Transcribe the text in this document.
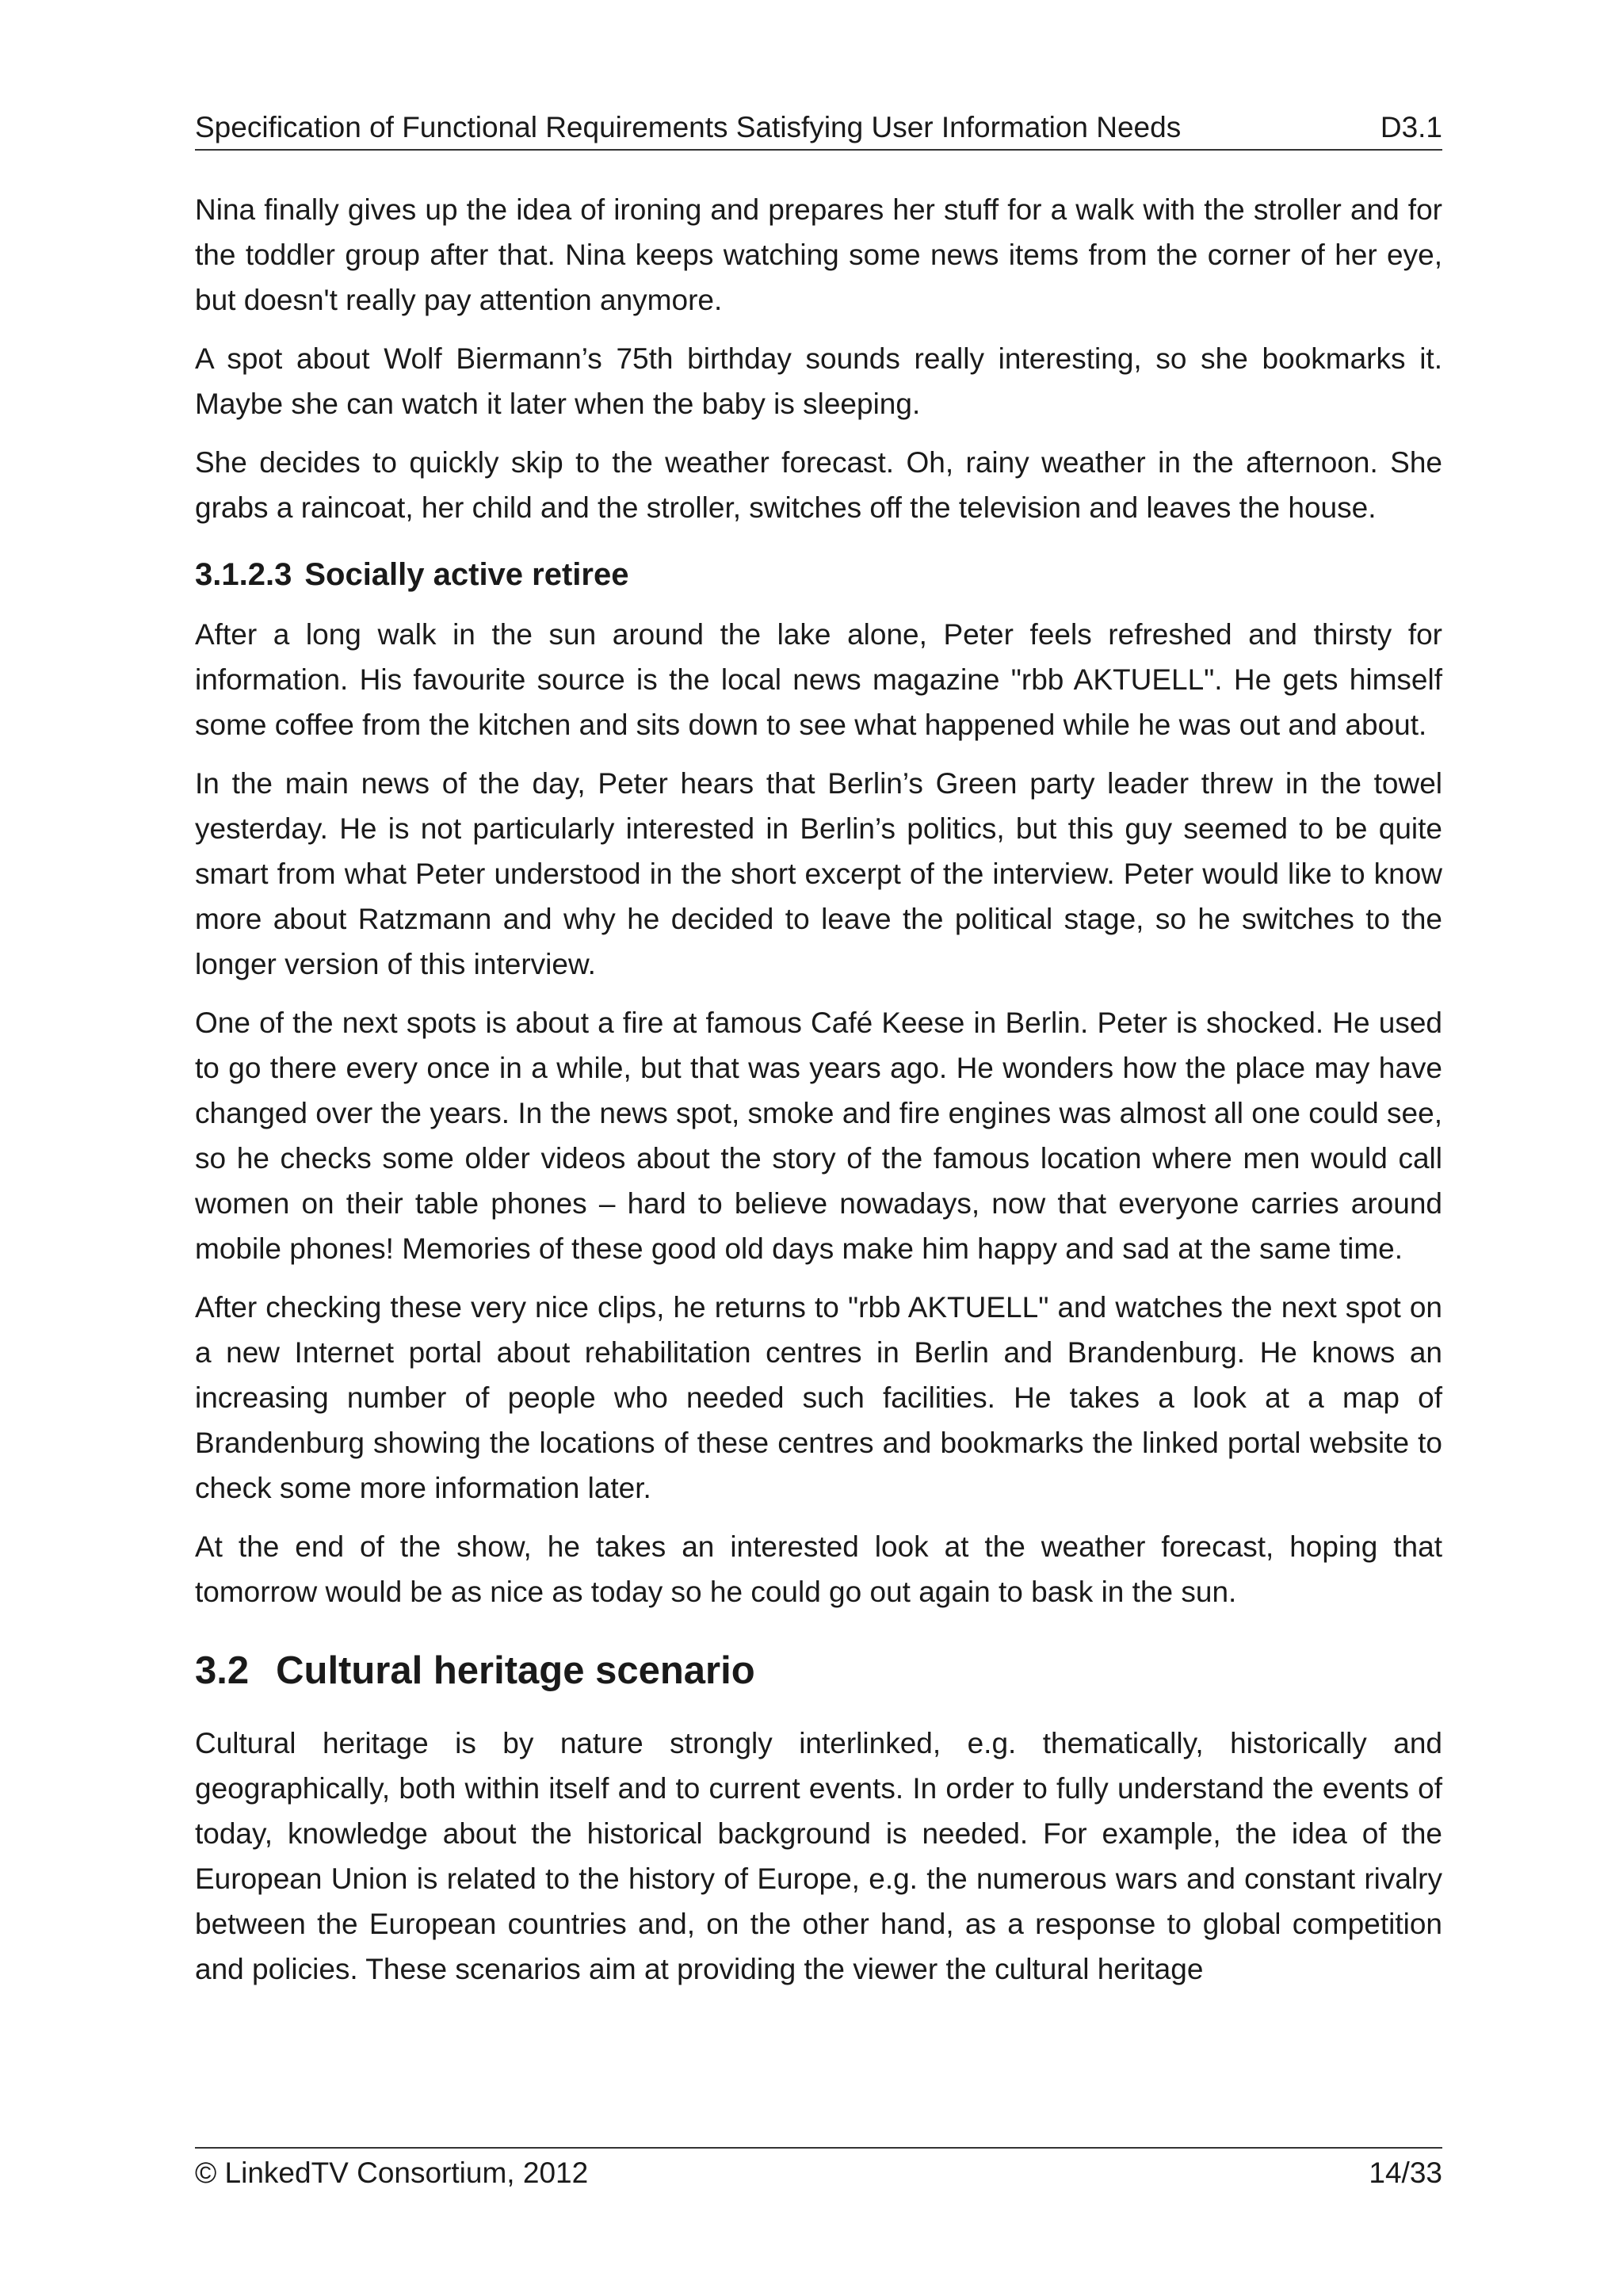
Specification of Functional Requirements Satisfying User Information Needs	D3.1

Nina finally gives up the idea of ironing and prepares her stuff for a walk with the stroller and for the toddler group after that. Nina keeps watching some news items from the corner of her eye, but doesn't really pay attention anymore.

A spot about Wolf Biermann’s 75th birthday sounds really interesting, so she bookmarks it. Maybe she can watch it later when the baby is sleeping.

She decides to quickly skip to the weather forecast. Oh, rainy weather in the afternoon. She grabs a raincoat, her child and the stroller, switches off the television and leaves the house.

3.1.2.3 Socially active retiree

After a long walk in the sun around the lake alone, Peter feels refreshed and thirsty for information. His favourite source is the local news magazine "rbb AKTUELL". He gets himself some coffee from the kitchen and sits down to see what happened while he was out and about.

In the main news of the day, Peter hears that Berlin’s Green party leader threw in the towel yesterday. He is not particularly interested in Berlin’s politics, but this guy seemed to be quite smart from what Peter understood in the short excerpt of the interview. Peter would like to know more about Ratzmann and why he decided to leave the political stage, so he switches to the longer version of this interview.

One of the next spots is about a fire at famous Café Keese in Berlin. Peter is shocked. He used to go there every once in a while, but that was years ago. He wonders how the place may have changed over the years. In the news spot, smoke and fire engines was almost all one could see, so he checks some older videos about the story of the famous location where men would call women on their table phones – hard to believe nowadays, now that everyone carries around mobile phones! Memories of these good old days make him happy and sad at the same time.

After checking these very nice clips, he returns to "rbb AKTUELL" and watches the next spot on a new Internet portal about rehabilitation centres in Berlin and Brandenburg. He knows an increasing number of people who needed such facilities. He takes a look at a map of Brandenburg showing the locations of these centres and bookmarks the linked portal website to check some more information later.

At the end of the show, he takes an interested look at the weather forecast, hoping that tomorrow would be as nice as today so he could go out again to bask in the sun.

3.2 Cultural heritage scenario

Cultural heritage is by nature strongly interlinked, e.g. thematically, historically and geographically, both within itself and to current events. In order to fully understand the events of today, knowledge about the historical background is needed. For example, the idea of the European Union is related to the history of Europe, e.g. the numerous wars and constant rivalry between the European countries and, on the other hand, as a response to global competition and policies. These scenarios aim at providing the viewer the cultural heritage

© LinkedTV Consortium, 2012	14/33
